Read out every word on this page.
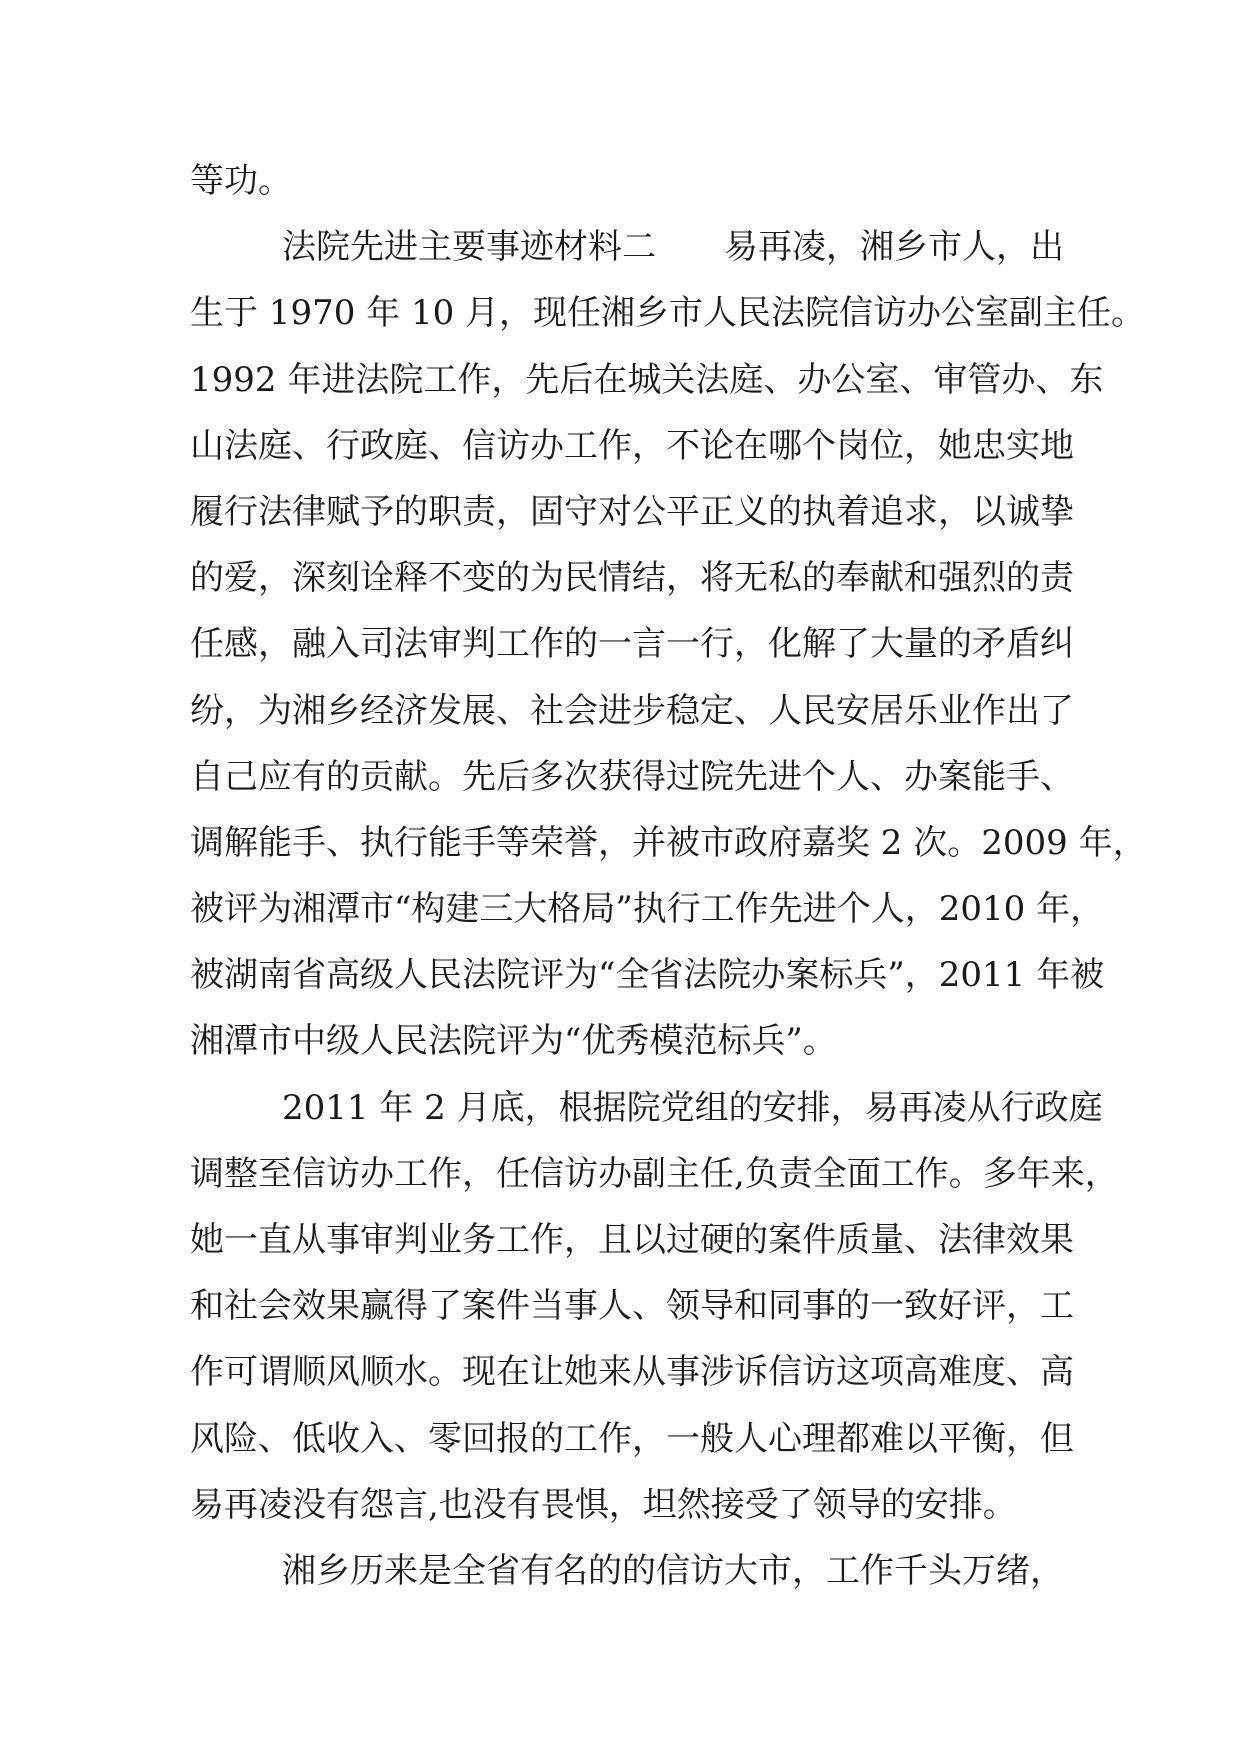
等功。
法院先进主要事迹材料二　　易再凌，湘乡市人，出
生于 1970 年 10 月，现任湘乡市人民法院信访办公室副主任。
1992 年进法院工作，先后在城关法庭、办公室、审管办、东
山法庭、行政庭、信访办工作，不论在哪个岗位，她忠实地
履行法律赋予的职责，固守对公平正义的执着追求，以诚挚
的爱，深刻诠释不变的为民情结，将无私的奉献和强烈的责
任感，融入司法审判工作的一言一行，化解了大量的矛盾纠
纷，为湘乡经济发展、社会进步稳定、人民安居乐业作出了
自己应有的贡献。先后多次获得过院先进个人、办案能手、
调解能手、执行能手等荣誉，并被市政府嘉奖 2 次。2009 年，
被评为湘潭市“构建三大格局”执行工作先进个人，2010 年，
被湖南省高级人民法院评为“全省法院办案标兵”，2011 年被
湘潭市中级人民法院评为“优秀模范标兵”。
2011 年 2 月底，根据院党组的安排，易再凌从行政庭
调整至信访办工作，任信访办副主任,负责全面工作。多年来，
她一直从事审判业务工作，且以过硬的案件质量、法律效果
和社会效果赢得了案件当事人、领导和同事的一致好评，工
作可谓顺风顺水。现在让她来从事涉诉信访这项高难度、高
风险、低收入、零回报的工作，一般人心理都难以平衡，但
易再凌没有怨言,也没有畏惧，坦然接受了领导的安排。
湘乡历来是全省有名的的信访大市，工作千头万绪，
